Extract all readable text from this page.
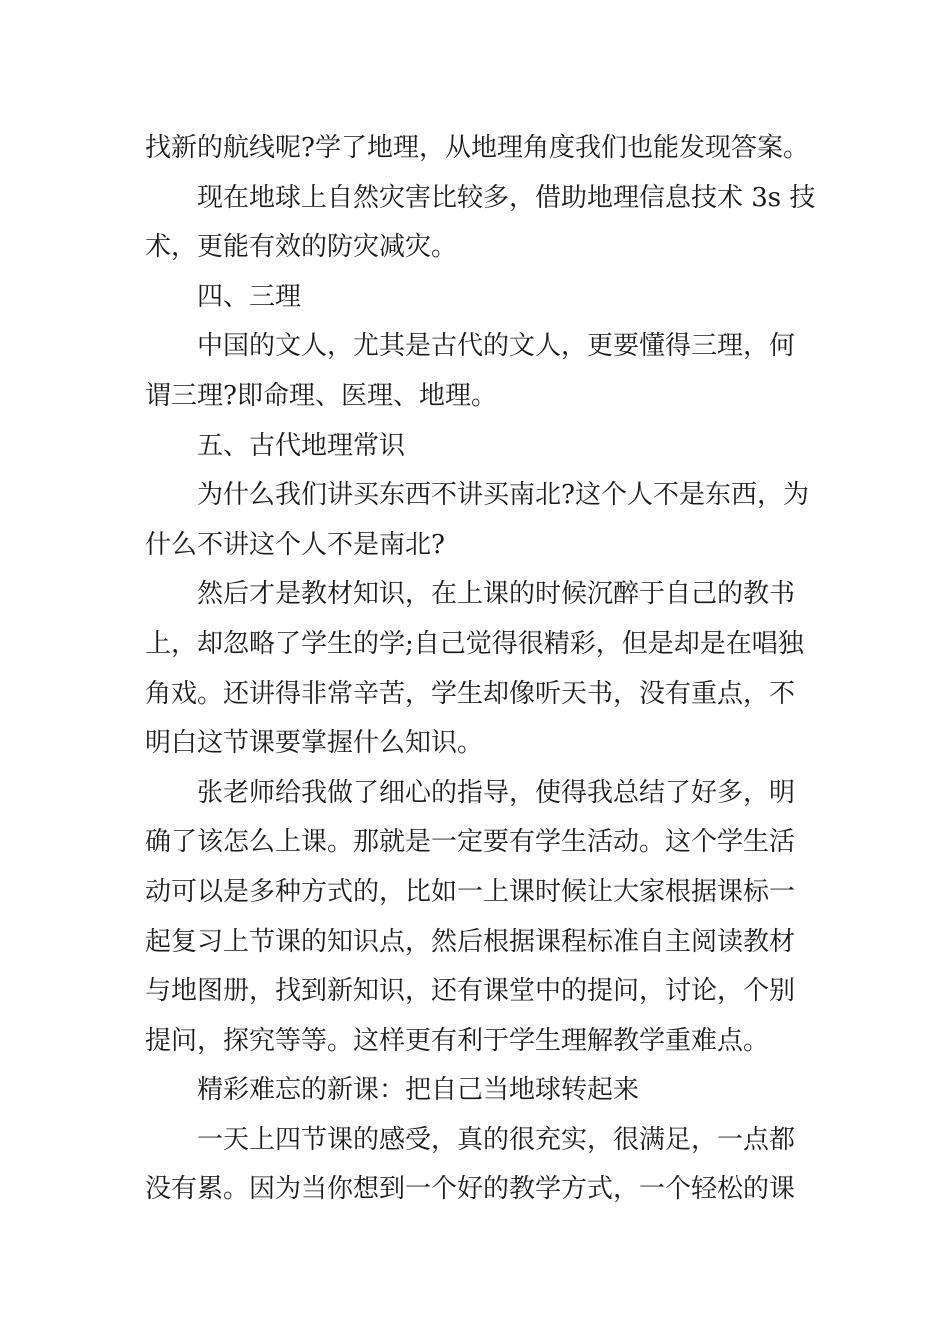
找新的航线呢?学了地理，从地理角度我们也能发现答案。
现在地球上自然灾害比较多，借助地理信息技术 3s 技
术，更能有效的防灾减灾。
四、三理
中国的文人，尤其是古代的文人，更要懂得三理，何
谓三理?即命理、医理、地理。
五、古代地理常识
为什么我们讲买东西不讲买南北?这个人不是东西，为
什么不讲这个人不是南北?
然后才是教材知识，在上课的时候沉醉于自己的教书
上，却忽略了学生的学;自己觉得很精彩，但是却是在唱独
角戏。还讲得非常辛苦，学生却像听天书，没有重点，不
明白这节课要掌握什么知识。
张老师给我做了细心的指导，使得我总结了好多，明
确了该怎么上课。那就是一定要有学生活动。这个学生活
动可以是多种方式的，比如一上课时候让大家根据课标一
起复习上节课的知识点，然后根据课程标准自主阅读教材
与地图册，找到新知识，还有课堂中的提问，讨论，个别
提问，探究等等。这样更有利于学生理解教学重难点。
精彩难忘的新课：把自己当地球转起来
一天上四节课的感受，真的很充实，很满足，一点都
没有累。因为当你想到一个好的教学方式，一个轻松的课
